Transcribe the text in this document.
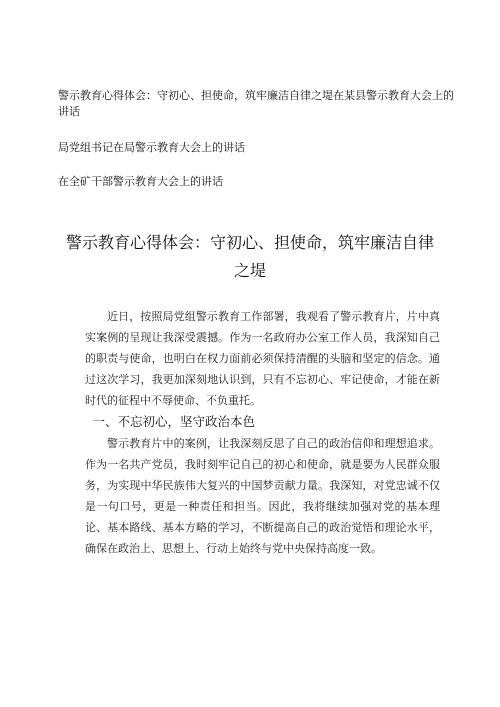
警示教育心得体会：守初心、担使命，筑牢廉洁自律之堤在某县警示教育大会上的讲话
局党组书记在局警示教育大会上的讲话
在全矿干部警示教育大会上的讲话
警示教育心得体会：守初心、担使命，筑牢廉洁自律之堤

近日，按照局党组警示教育工作部署，我观看了警示教育片，片中真实案例的呈现让我深受震撼。作为一名政府办公室工作人员，我深知自己的职责与使命，也明白在权力面前必须保持清醒的头脑和坚定的信念。通过这次学习，我更加深刻地认识到，只有不忘初心、牢记使命，才能在新时代的征程中不辱使命、不负重托。

一、不忘初心，坚守政治本色

警示教育片中的案例，让我深刻反思了自己的政治信仰和理想追求。作为一名共产党员，我时刻牢记自己的初心和使命，就是要为人民群众服务，为实现中华民族伟大复兴的中国梦贡献力量。我深知，对党忠诚不仅是一句口号，更是一种责任和担当。因此，我将继续加强对党的基本理论、基本路线、基本方略的学习，不断提高自己的政治觉悟和理论水平，确保在政治上、思想上、行动上始终与党中央保持高度一致。
